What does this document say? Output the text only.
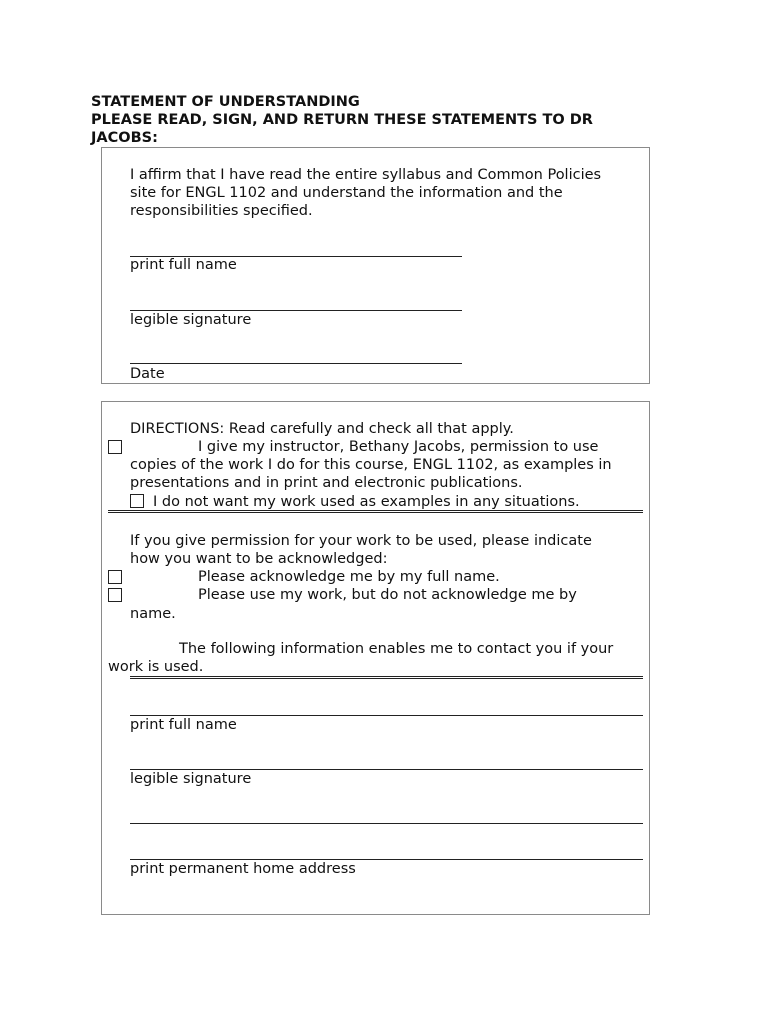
STATEMENT OF UNDERSTANDING
PLEASE READ, SIGN, AND RETURN THESE STATEMENTS TO DR
JACOBS:
I affirm that I have read the entire syllabus and Common Policies
site for ENGL 1102 and understand the information and the
responsibilities specified.
print full name
legible signature
Date
DIRECTIONS: Read carefully and check all that apply.
I give my instructor, Bethany Jacobs, permission to use
copies of the work I do for this course, ENGL 1102, as examples in
presentations and in print and electronic publications.
I do not want my work used as examples in any situations.
If you give permission for your work to be used, please indicate
how you want to be acknowledged:
Please acknowledge me by my full name.
Please use my work, but do not acknowledge me by
name.
The following information enables me to contact you if your
work is used.
print full name
legible signature
print permanent home address
